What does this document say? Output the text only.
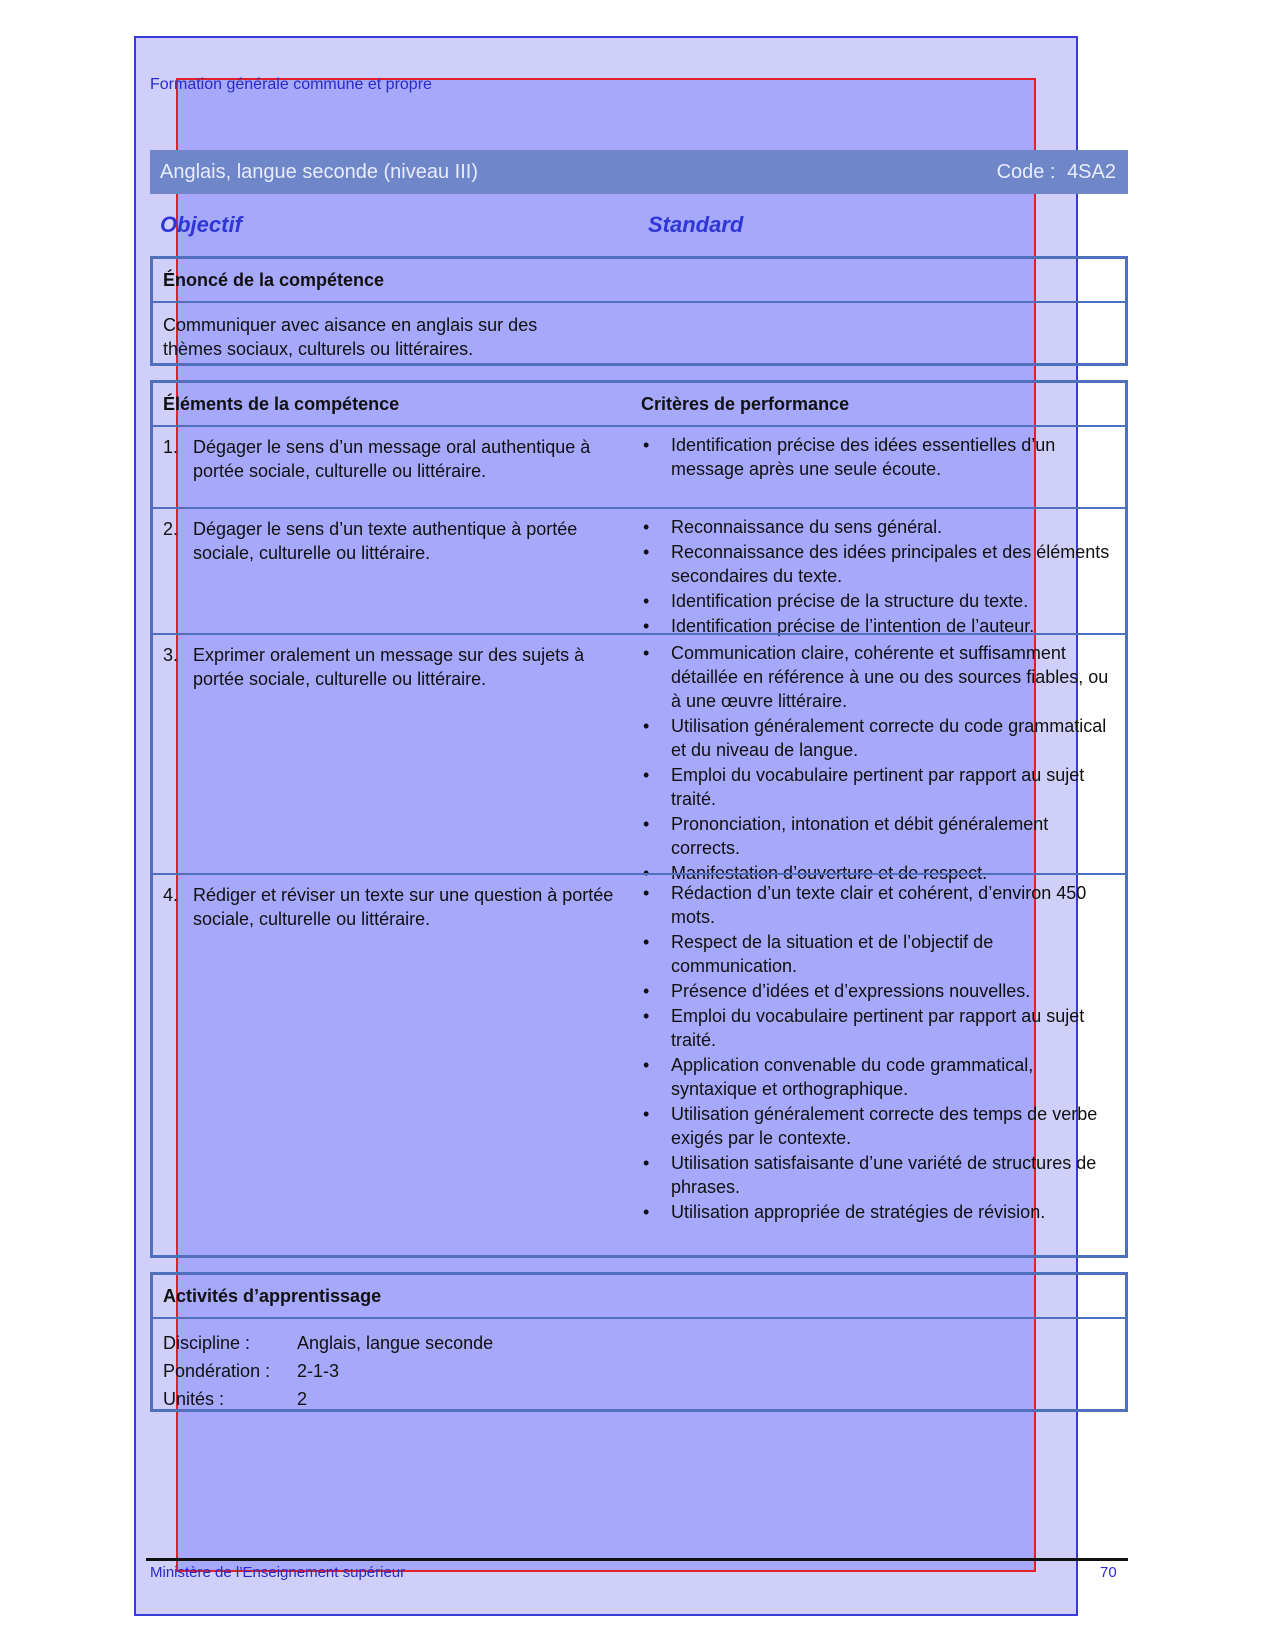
Formation générale commune et propre
Anglais, langue seconde (niveau III)	Code : 4SA2
Objectif	Standard
Énoncé de la compétence
Communiquer avec aisance en anglais sur des thèmes sociaux, culturels ou littéraires.
Éléments de la compétence	Critères de performance
1. Dégager le sens d’un message oral authentique à portée sociale, culturelle ou littéraire.
• Identification précise des idées essentielles d’un message après une seule écoute.
2. Dégager le sens d’un texte authentique à portée sociale, culturelle ou littéraire.
• Reconnaissance du sens général.
• Reconnaissance des idées principales et des éléments secondaires du texte.
• Identification précise de la structure du texte.
• Identification précise de l’intention de l’auteur.
3. Exprimer oralement un message sur des sujets à portée sociale, culturelle ou littéraire.
• Communication claire, cohérente et suffisamment détaillée en référence à une ou des sources fiables, ou à une œuvre littéraire.
• Utilisation généralement correcte du code grammatical et du niveau de langue.
• Emploi du vocabulaire pertinent par rapport au sujet traité.
• Prononciation, intonation et débit généralement corrects.
• Manifestation d’ouverture et de respect.
4. Rédiger et réviser un texte sur une question à portée sociale, culturelle ou littéraire.
• Rédaction d’un texte clair et cohérent, d’environ 450 mots.
• Respect de la situation et de l’objectif de communication.
• Présence d’idées et d’expressions nouvelles.
• Emploi du vocabulaire pertinent par rapport au sujet traité.
• Application convenable du code grammatical, syntaxique et orthographique.
• Utilisation généralement correcte des temps de verbe exigés par le contexte.
• Utilisation satisfaisante d’une variété de structures de phrases.
• Utilisation appropriée de stratégies de révision.
Activités d’apprentissage
Discipline :	Anglais, langue seconde
Pondération :	2-1-3
Unités :	2
Ministère de l’Enseignement supérieur	70
